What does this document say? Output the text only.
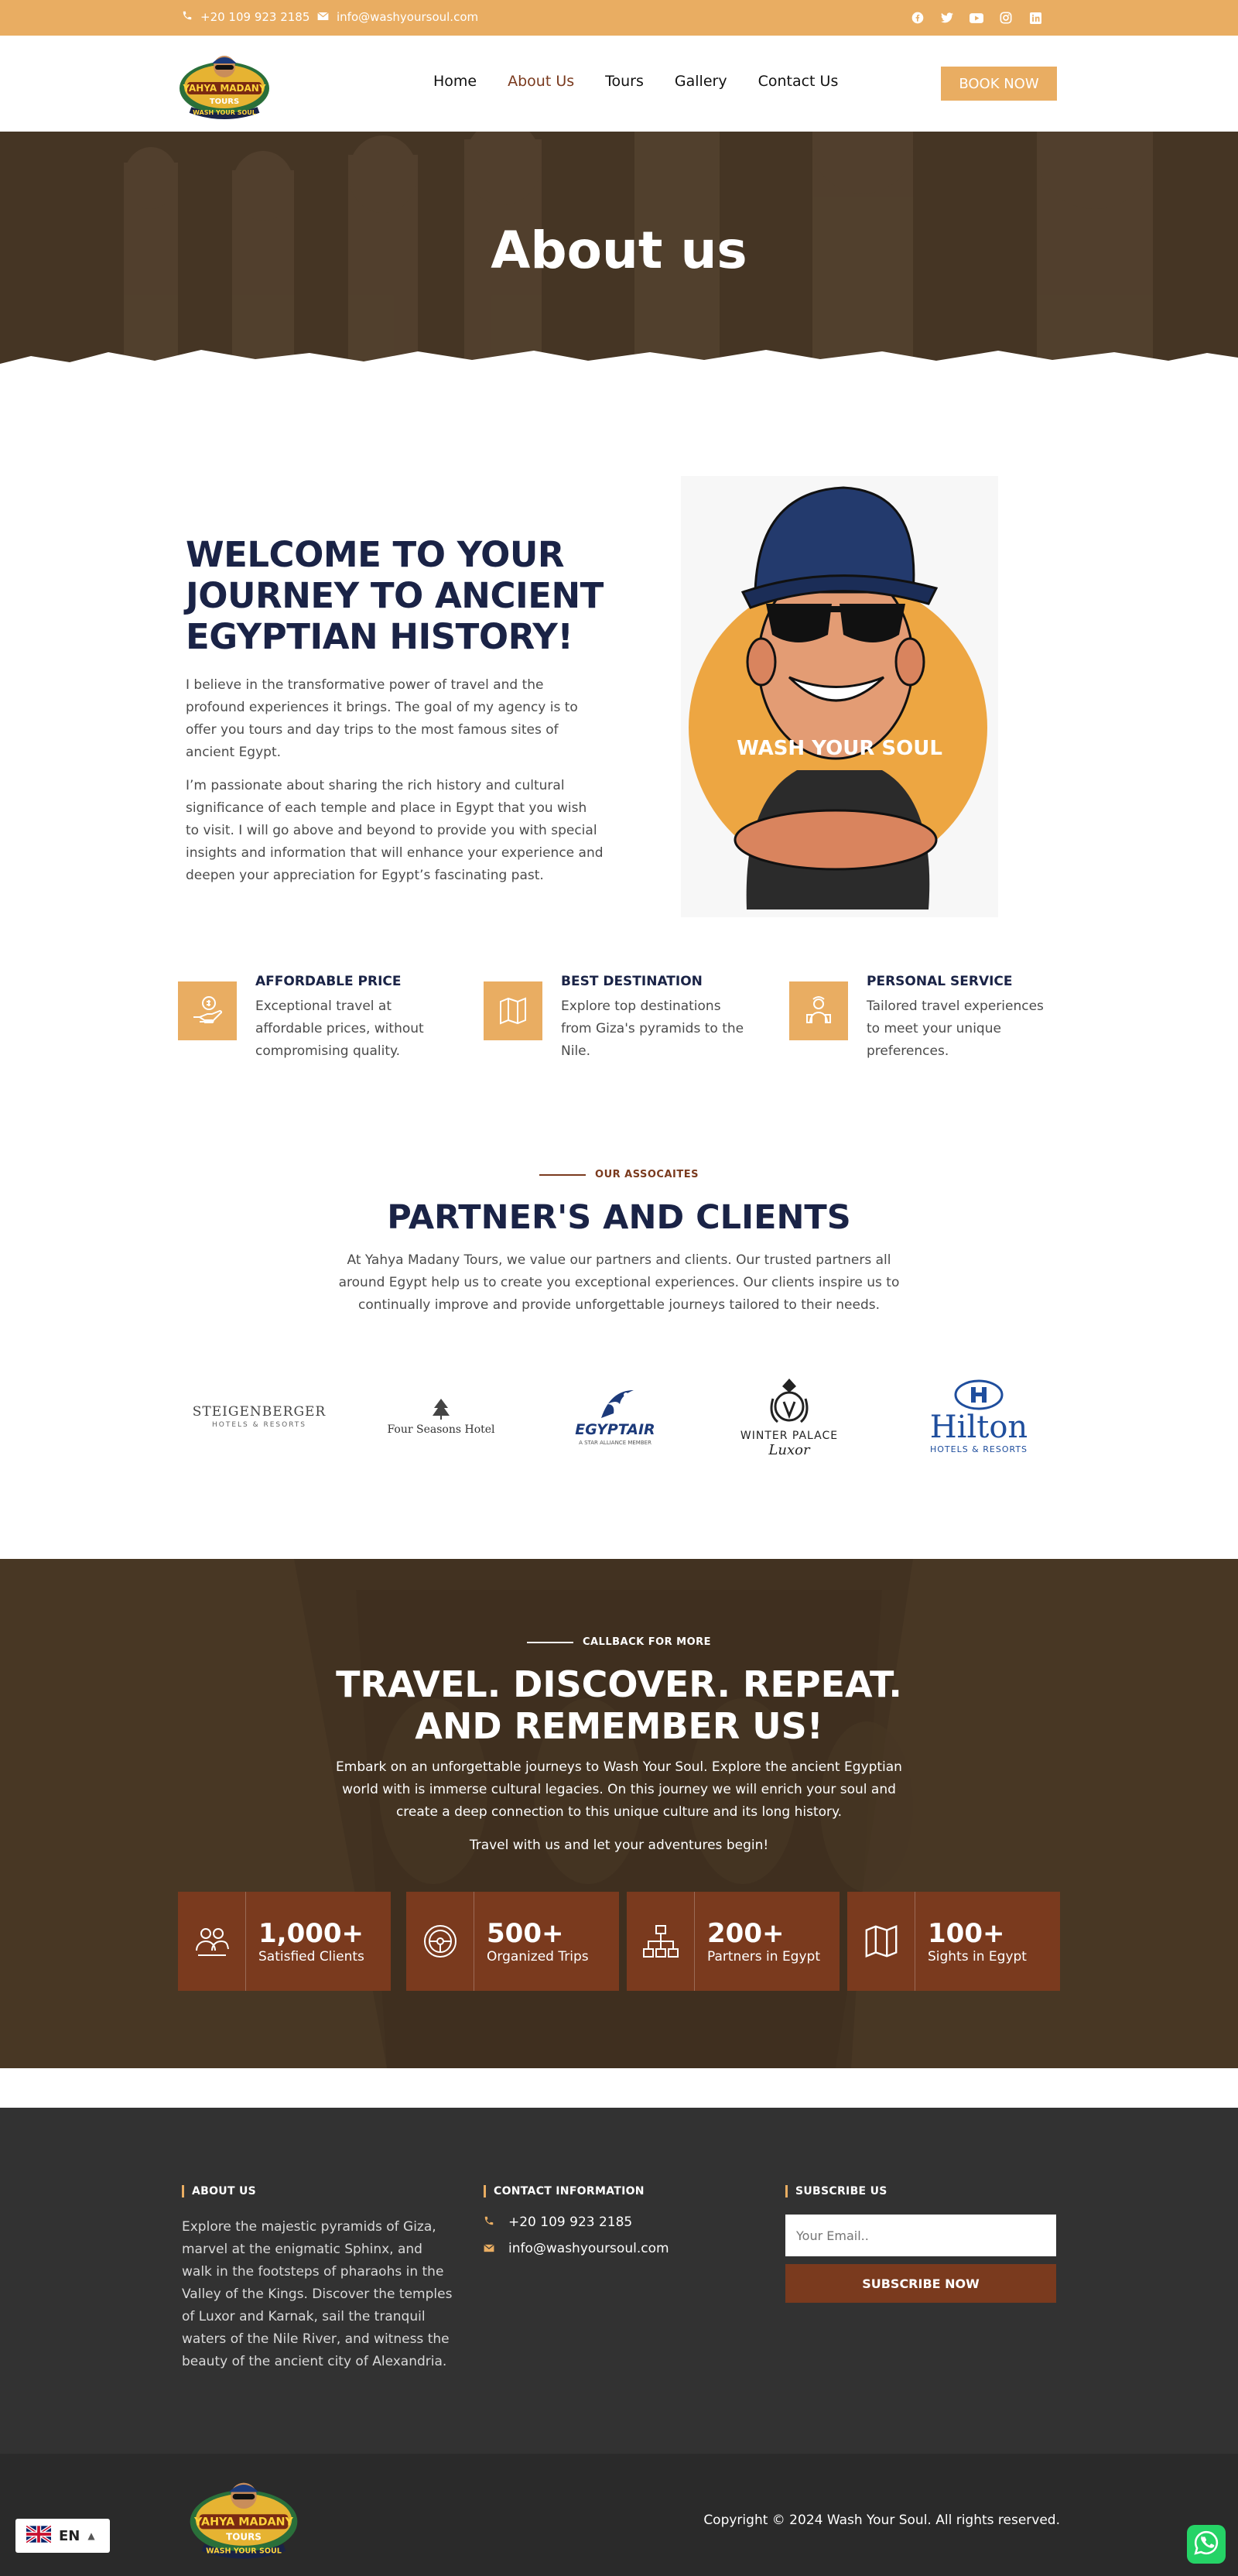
+20 109 923 2185 info@washyoursoul.com
YAHYA MADANY
TOURS
WASH YOUR SOUL
Home About Us Tours Gallery Contact Us	BOOK NOW
About us
WELCOME TO YOUR JOURNEY TO ANCIENT EGYPTIAN HISTORY!

I believe in the transformative power of travel and the profound experiences it brings. The goal of my agency is to offer you tours and day trips to the most famous sites of ancient Egypt.

I’m passionate about sharing the rich history and cultural significance of each temple and place in Egypt that you wish to visit. I will go above and beyond to provide you with special insights and information that will enhance your experience and deepen your appreciation for Egypt’s fascinating past.

WASH YOUR SOUL
AFFORDABLE PRICE
Exceptional travel at affordable prices, without compromising quality.
BEST DESTINATION
Explore top destinations from Giza's pyramids to the Nile.
PERSONAL SERVICE
Tailored travel experiences to meet your unique preferences.
OUR ASSOCAITES
PARTNER'S AND CLIENTS
At Yahya Madany Tours, we value our partners and clients. Our trusted partners all around Egypt help us to create you exceptional experiences. Our clients inspire us to continually improve and provide unforgettable journeys tailored to their needs.
STEIGENBERGER
HOTELS & RESORTS	Four Seasons Hotel	EGYPTAIR
A STAR ALLIANCE MEMBER
WINTER PALACE
Luxor
Hilton
HOTELS & RESORTS
CALLBACK FOR MORE
TRAVEL. DISCOVER. REPEAT.
AND REMEMBER US!
Embark on an unforgettable journeys to Wash Your Soul. Explore the ancient Egyptian world with is immerse cultural legacies. On this journey we will enrich your soul and create a deep connection to this unique culture and its long history.
Travel with us and let your adventures begin!
1,000+
Satisfied Clients
500+
Organized Trips
200+
Partners in Egypt
100+
Sights in Egypt
ABOUT US
Explore the majestic pyramids of Giza, marvel at the enigmatic Sphinx, and walk in the footsteps of pharaohs in the Valley of the Kings. Discover the temples of Luxor and Karnak, sail the tranquil waters of the Nile River, and witness the beauty of the ancient city of Alexandria.
CONTACT INFORMATION
+20 109 923 2185
info@washyoursoul.com
SUBSCRIBE US
Your Email.. SUBSCRIBE NOW
YAHYA MADANY
TOURS
WASH YOUR SOUL
Copyright © 2024 Wash Your Soul. All rights reserved.
EN ▲
